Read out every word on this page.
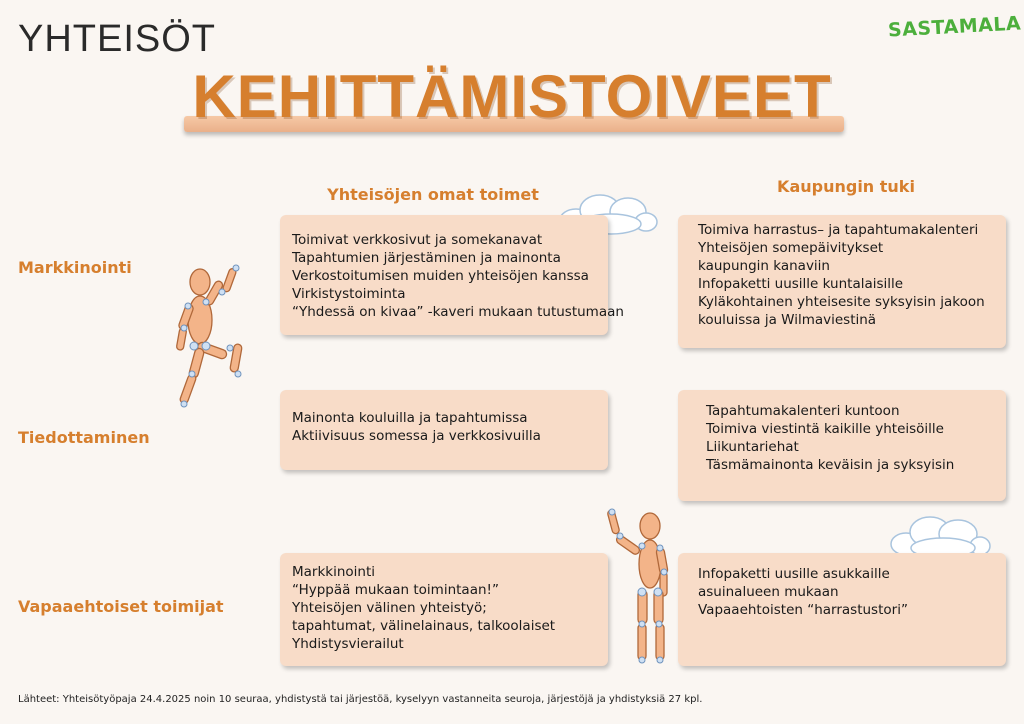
YHTEISÖT	SASTAMALA
KEHITTÄMISTOIVEET
Yhteisöjen omat toimet	Kaupungin tuki
Markkinointi
Tiedottaminen
Vapaaehtoiset toimijat
Toimivat verkkosivut ja somekanavat
Tapahtumien järjestäminen ja mainonta
Verkostoitumisen muiden yhteisöjen kanssa
Virkistystoiminta
“Yhdessä on kivaa” -kaveri mukaan tutustumaan
Toimiva harrastus– ja tapahtumakalenteri
Yhteisöjen somepäivitykset
kaupungin kanaviin
Infopaketti uusille kuntalaisille
Kyläkohtainen yhteisesite syksyisin jakoon
kouluissa ja Wilmaviestinä
Mainonta kouluilla ja tapahtumissa
Aktiivisuus somessa ja verkkosivuilla
Tapahtumakalenteri kuntoon
Toimiva viestintä kaikille yhteisöille
Liikuntariehat
Täsmämainonta keväisin ja syksyisin
Markkinointi
“Hyppää mukaan toimintaan!”
Yhteisöjen välinen yhteistyö;
tapahtumat, välinelainaus, talkoolaiset
Yhdistysvierailut
Infopaketti uusille asukkaille
asuinalueen mukaan
Vapaaehtoisten “harrastustori”
Lähteet: Yhteisötyöpaja 24.4.2025 noin 10 seuraa, yhdistystä tai järjestöä, kyselyyn vastanneita seuroja, järjestöjä ja yhdistyksiä 27 kpl.
